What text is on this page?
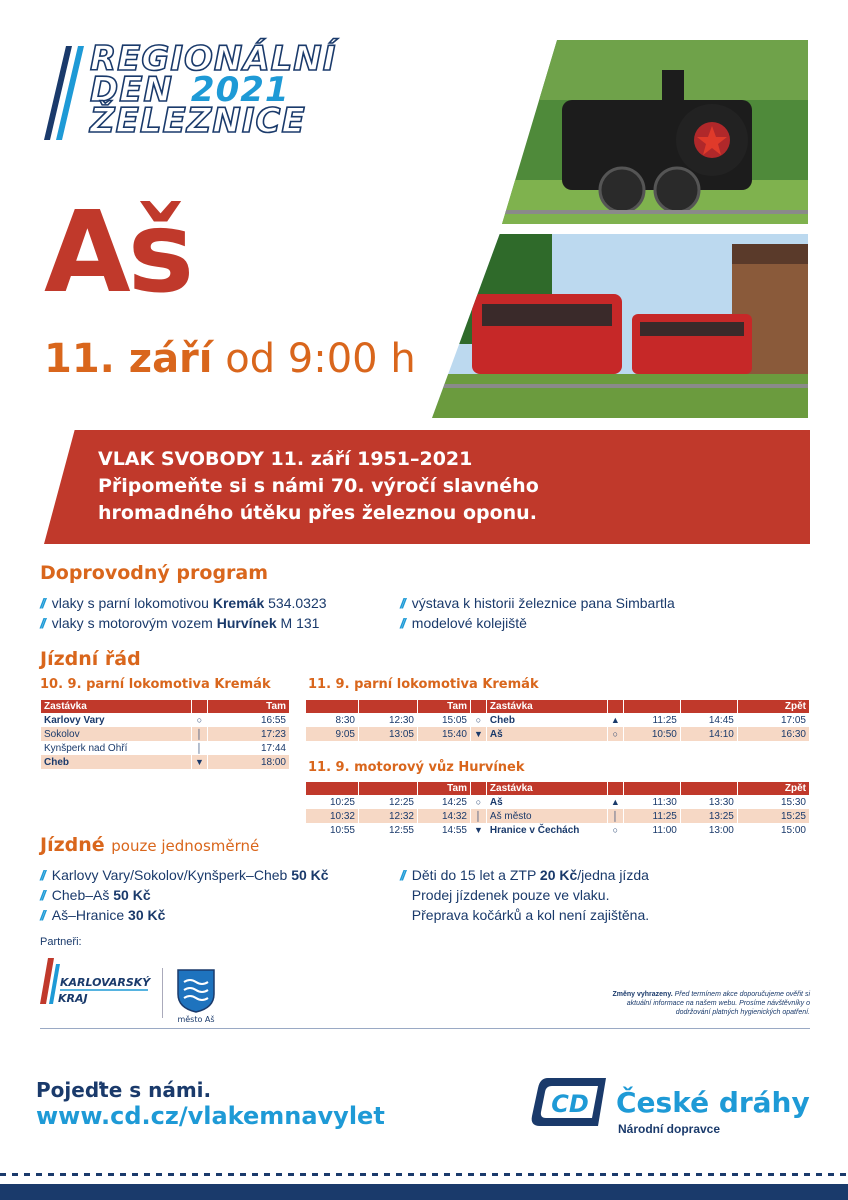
REGIONÁLNÍ
DEN 2021
ŽELEZNICE
Aš
11. září od 9:00 h
VLAK SVOBODY 11. září 1951–2021
Připomeňte si s námi 70. výročí slavného
hromadného útěku přes železnou oponu.
Doprovodný program
// vlaky s parní lokomotivou Kremák 534.0323
// vlaky s motorovým vozem Hurvínek M 131
// výstava k historii železnice pana Simbartla
// modelové kolejiště
Jízdní řád
10. 9. parní lokomotiva Kremák
Zastávka		Tam
Karlovy Vary	○	16:55
Sokolov	│	17:23
Kynšperk nad Ohří	│	17:44
Cheb	▼	18:00
11. 9. parní lokomotiva Kremák
		Tam		Zastávka				Zpět
8:30	12:30	15:05	○	Cheb	▲	11:25	14:45	17:05
9:05	13:05	15:40	▼	Aš	○	10:50	14:10	16:30
11. 9. motorový vůz Hurvínek
		Tam		Zastávka				Zpět
10:25	12:25	14:25	○	Aš	▲	11:30	13:30	15:30
10:32	12:32	14:32	│	Aš město	│	11:25	13:25	15:25
10:55	12:55	14:55	▼	Hranice v Čechách	○	11:00	13:00	15:00
Jízdné pouze jednosměrné
// Karlovy Vary/Sokolov/Kynšperk–Cheb 50 Kč
// Cheb–Aš 50 Kč
// Aš–Hranice 30 Kč
// Děti do 15 let a ZTP 20 Kč/jedna jízda
Prodej jízdenek pouze ve vlaku.
Přeprava kočárků a kol není zajištěna.
Partneři:
KARLOVARSKÝ
KRAJ
město Aš
Změny vyhrazeny. Před termínem akce doporučujeme ověřit si aktuální informace na našem webu. Prosíme návštěvníky o dodržování platných hygienických opatření.
Pojeďte s námi.
www.cd.cz/vlakemnavylet	CD České dráhy
Národní dopravce
